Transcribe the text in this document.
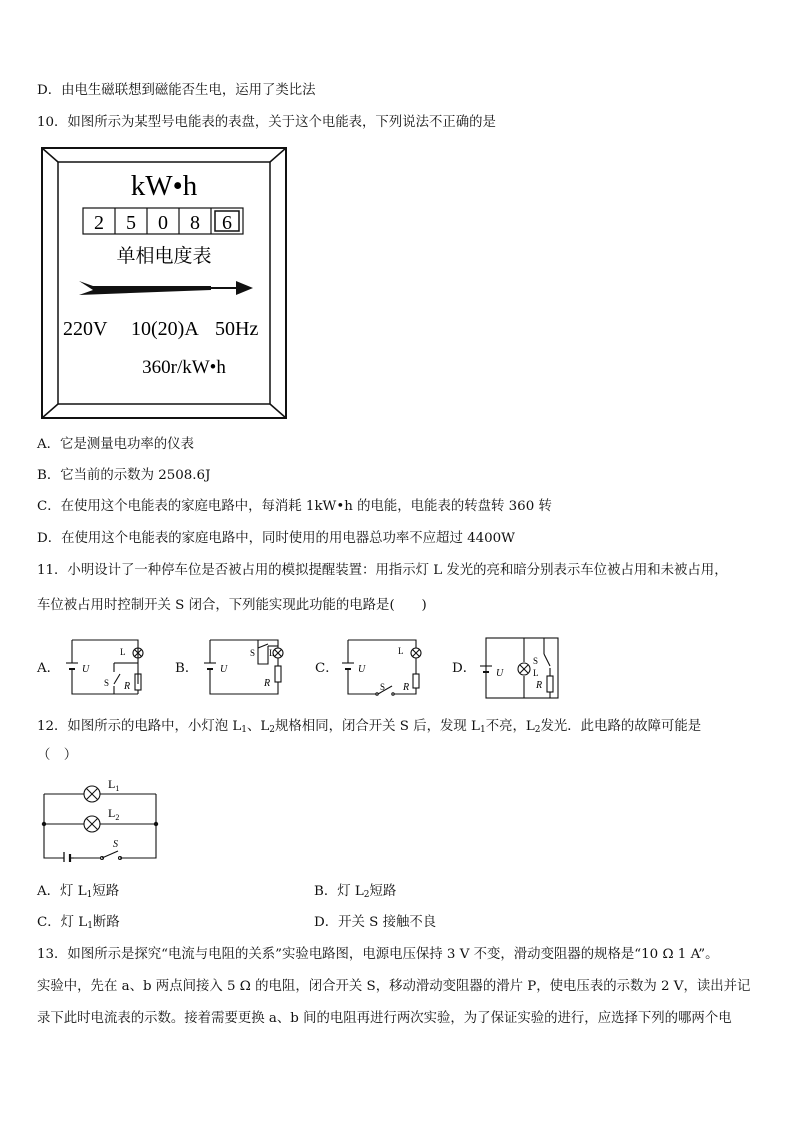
D．由电生磁联想到磁能否生电，运用了类比法
10．如图所示为某型号电能表的表盘，关于这个电能表，下列说法不正确的是
kW•h
2 5 0 8 6
单相电度表
220V 10(20)A 50Hz
360r/kW•h
A．它是测量电功率的仪表
B．它当前的示数为 2508.6J
C．在使用这个电能表的家庭电路中，每消耗 1kW•h 的电能，电能表的转盘转 360 转
D．在使用这个电能表的家庭电路中，同时使用的用电器总功率不应超过 4400W
11．小明设计了一种停车位是否被占用的模拟提醒装置：用指示灯 L 发光的亮和暗分别表示车位被占用和未被占用，
车位被占用时控制开关 S 闭合，下列能实现此功能的电路是(　　)
A．	B．	C．	D．
L
U
S R
S L
U
R
L
U
S R
U
S
L
R
12．如图所示的电路中，小灯泡 $L_1$、$L_2$规格相同，闭合开关 S 后，发现 $L_1$不亮，$L_2$发光．此电路的故障可能是
（　）
$L_1$
$L_2$
S
A．灯 $L_1$短路	B．灯 $L_2$短路
C．灯 $L_1$断路	D．开关 S 接触不良
13．如图所示是探究“电流与电阻的关系”实验电路图，电源电压保持 3 V 不变，滑动变阻器的规格是“10 Ω 1 A”。
实验中，先在 a、b 两点间接入 5 Ω 的电阻，闭合开关 S，移动滑动变阻器的滑片 P，使电压表的示数为 2 V，读出并记
录下此时电流表的示数。接着需要更换 a、b 间的电阻再进行两次实验，为了保证实验的进行，应选择下列的哪两个电
